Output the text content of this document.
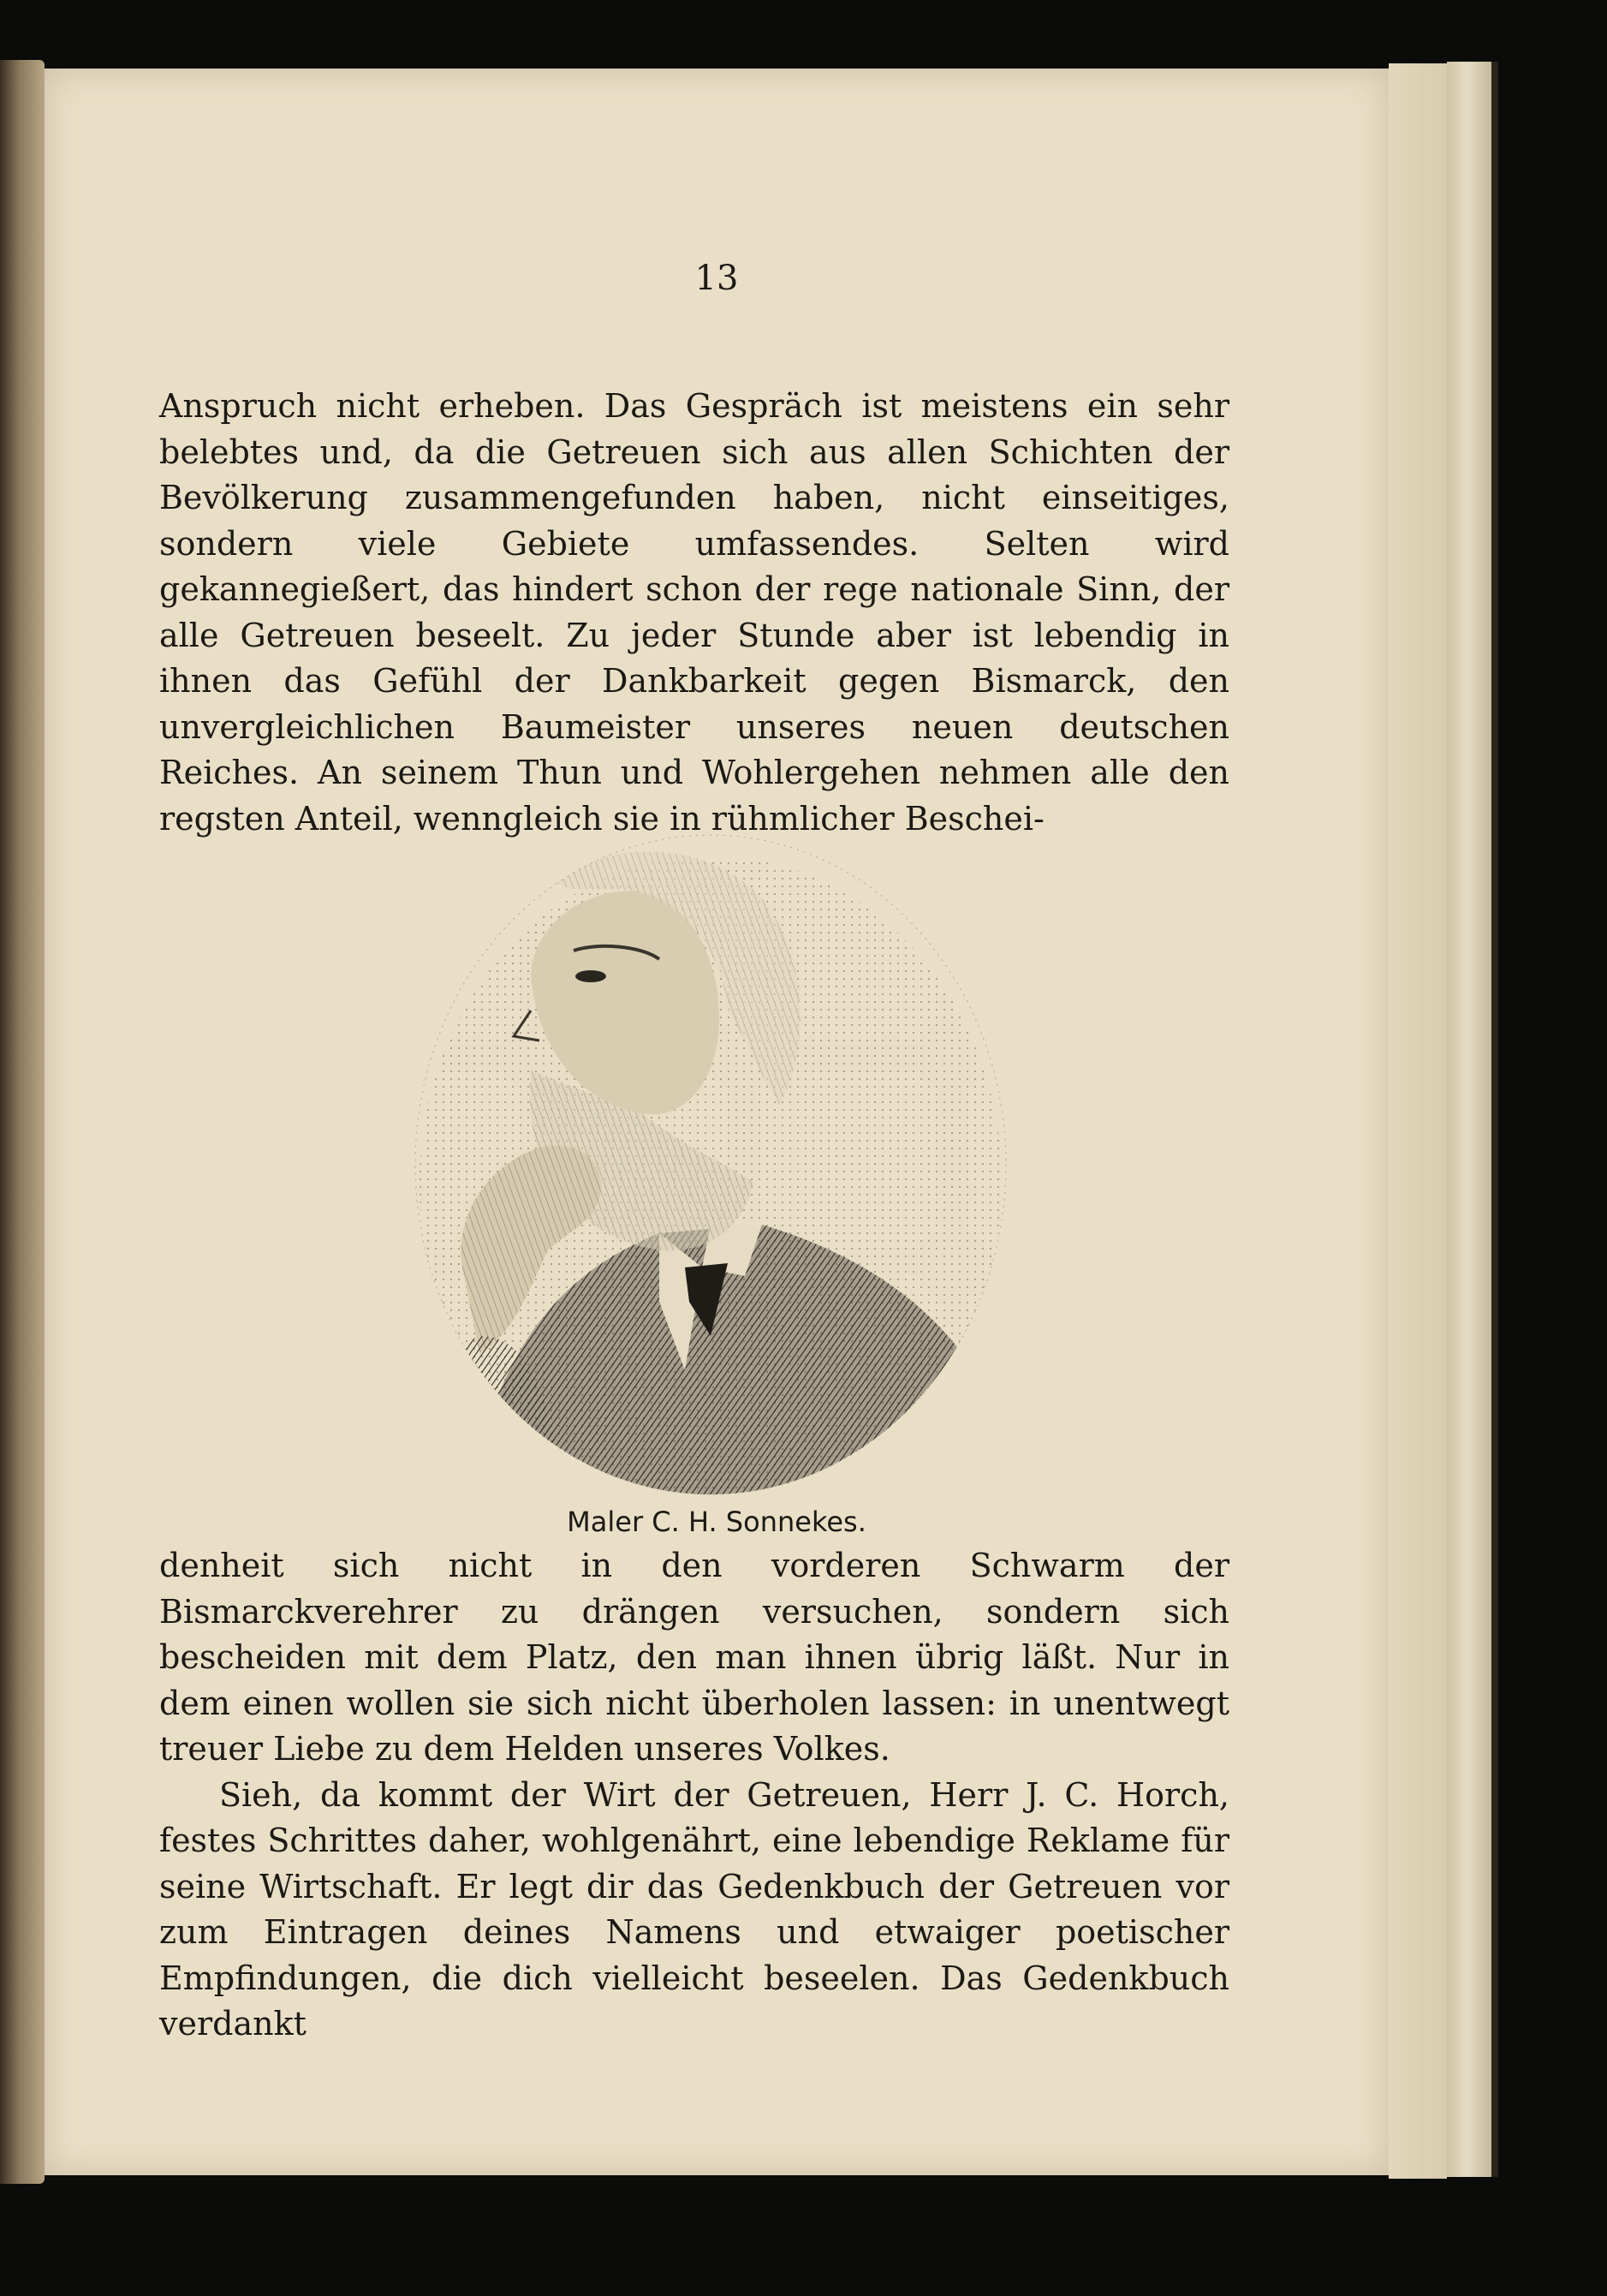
13

Anspruch nicht erheben. Das Gespräch ist meistens ein sehr belebtes und, da die Getreuen sich aus allen Schichten der Bevölkerung zusammengefunden haben, nicht einseitiges, sondern viele Gebiete umfassendes. Selten wird gekannegießert, das hindert schon der rege nationale Sinn, der alle Getreuen beseelt. Zu jeder Stunde aber ist lebendig in ihnen das Gefühl der Dankbarkeit gegen Bismarck, den unvergleichlichen Baumeister unseres neuen deutschen Reiches. An seinem Thun und Wohlergehen nehmen alle den regsten Anteil, wenngleich sie in rühmlicher Beschei-

Maler C. H. Sonnekes.

denheit sich nicht in den vorderen Schwarm der Bismarckverehrer zu drängen versuchen, sondern sich bescheiden mit dem Platz, den man ihnen übrig läßt. Nur in dem einen wollen sie sich nicht überholen lassen: in unentwegt treuer Liebe zu dem Helden unseres Volkes.

Sieh, da kommt der Wirt der Getreuen, Herr J. C. Horch, festes Schrittes daher, wohlgenährt, eine lebendige Reklame für seine Wirtschaft. Er legt dir das Gedenkbuch der Getreuen vor zum Eintragen deines Namens und etwaiger poetischer Empfindungen, die dich vielleicht beseelen. Das Gedenkbuch verdankt
